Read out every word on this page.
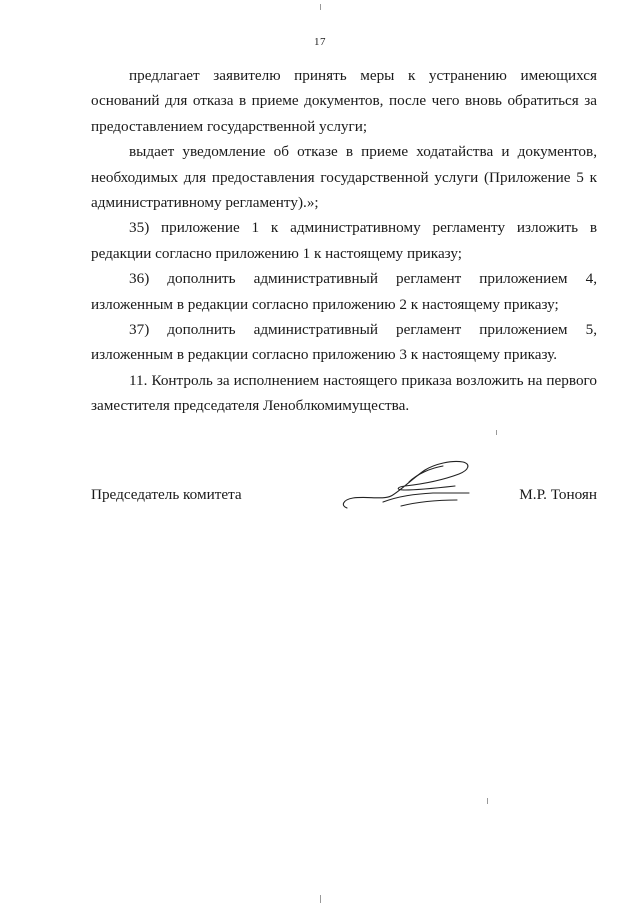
17

предлагает заявителю принять меры к устранению имеющихся оснований для отказа в приеме документов, после чего вновь обратиться за предоставлением государственной услуги;

выдает уведомление об отказе в приеме ходатайства и документов, необходимых для предоставления государственной услуги (Приложение 5 к административному регламенту).»;

35) приложение 1 к административному регламенту изложить в редакции согласно приложению 1 к настоящему приказу;

36) дополнить административный регламент приложением 4, изложенным в редакции согласно приложению 2 к настоящему приказу;

37) дополнить административный регламент приложением 5, изложенным в редакции согласно приложению 3 к настоящему приказу.

11. Контроль за исполнением настоящего приказа возложить на первого заместителя председателя Леноблкомимущества.

Председатель комитета	М.Р. Тоноян
